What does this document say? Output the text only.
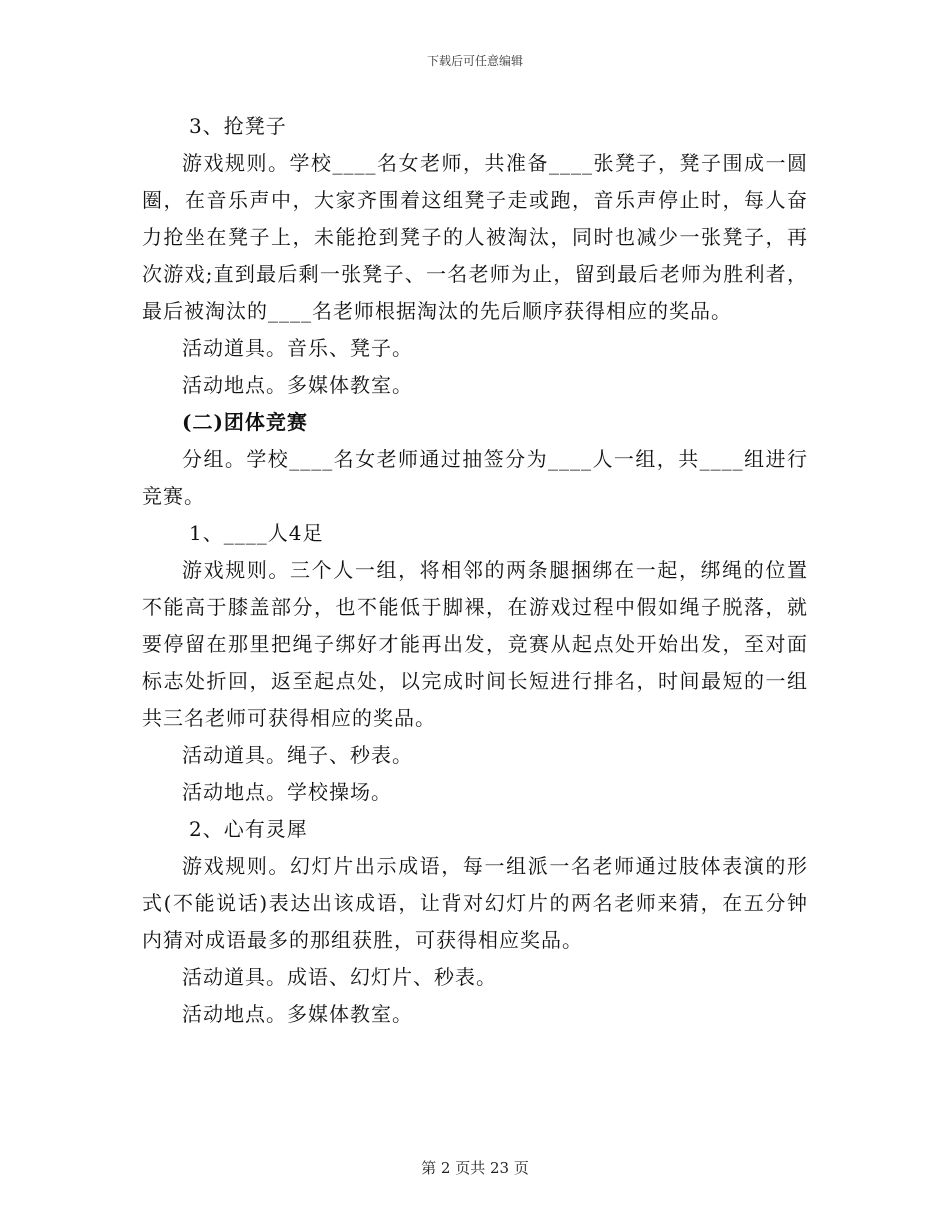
下载后可任意编辑

3、抢凳子

游戏规则。学校____名女老师，共准备____张凳子，凳子围成一圆圈，在音乐声中，大家齐围着这组凳子走或跑，音乐声停止时，每人奋力抢坐在凳子上，未能抢到凳子的人被淘汰，同时也减少一张凳子，再次游戏;直到最后剩一张凳子、一名老师为止，留到最后老师为胜利者，最后被淘汰的____名老师根据淘汰的先后顺序获得相应的奖品。

活动道具。音乐、凳子。

活动地点。多媒体教室。

(二)团体竞赛

分组。学校____名女老师通过抽签分为____人一组，共____组进行竞赛。

1、____人4足

游戏规则。三个人一组，将相邻的两条腿捆绑在一起，绑绳的位置不能高于膝盖部分，也不能低于脚裸，在游戏过程中假如绳子脱落，就要停留在那里把绳子绑好才能再出发，竞赛从起点处开始出发，至对面标志处折回，返至起点处，以完成时间长短进行排名，时间最短的一组共三名老师可获得相应的奖品。

活动道具。绳子、秒表。

活动地点。学校操场。

2、心有灵犀

游戏规则。幻灯片出示成语，每一组派一名老师通过肢体表演的形式(不能说话)表达出该成语，让背对幻灯片的两名老师来猜，在五分钟内猜对成语最多的那组获胜，可获得相应奖品。

活动道具。成语、幻灯片、秒表。

活动地点。多媒体教室。

第 2 页共 23 页
